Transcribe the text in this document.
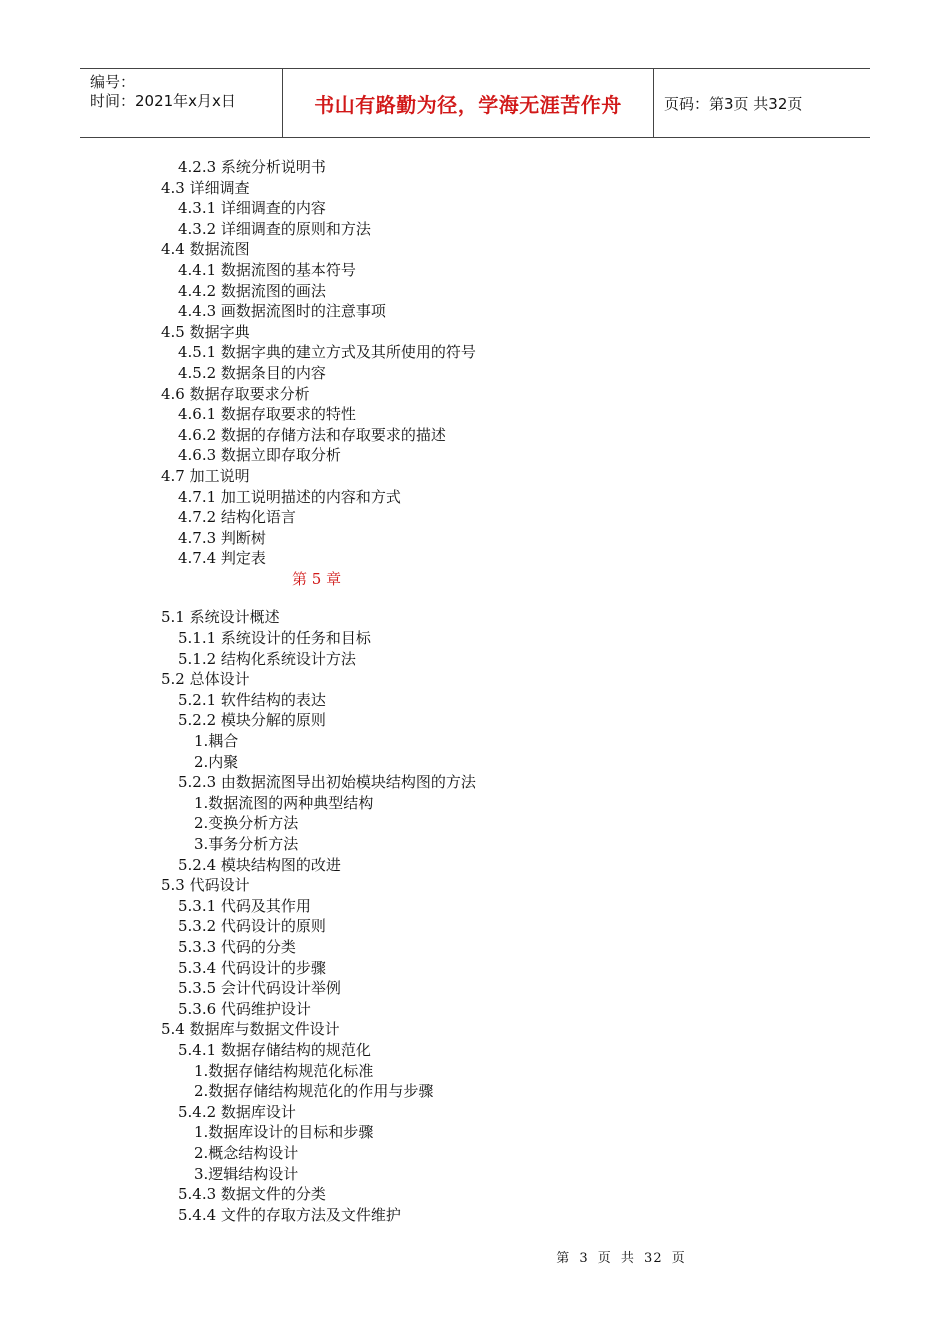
编号：
时间：2021年x月x日	书山有路勤为径，学海无涯苦作舟	页码：第3页 共32页
4.2.3 系统分析说明书
4.3 详细调查
4.3.1 详细调查的内容
4.3.2 详细调查的原则和方法
4.4 数据流图
4.4.1 数据流图的基本符号
4.4.2 数据流图的画法
4.4.3 画数据流图时的注意事项
4.5 数据字典
4.5.1 数据字典的建立方式及其所使用的符号
4.5.2 数据条目的内容
4.6 数据存取要求分析
4.6.1 数据存取要求的特性
4.6.2 数据的存储方法和存取要求的描述
4.6.3 数据立即存取分析
4.7 加工说明
4.7.1 加工说明描述的内容和方式
4.7.2 结构化语言
4.7.3 判断树
4.7.4 判定表
第 5 章
5.1 系统设计概述
5.1.1 系统设计的任务和目标
5.1.2 结构化系统设计方法
5.2 总体设计
5.2.1 软件结构的表达
5.2.2 模块分解的原则
1.耦合
2.内聚
5.2.3 由数据流图导出初始模块结构图的方法
1.数据流图的两种典型结构
2.变换分析方法
3.事务分析方法
5.2.4 模块结构图的改进
5.3 代码设计
5.3.1 代码及其作用
5.3.2 代码设计的原则
5.3.3 代码的分类
5.3.4 代码设计的步骤
5.3.5 会计代码设计举例
5.3.6 代码维护设计
5.4 数据库与数据文件设计
5.4.1 数据存储结构的规范化
1.数据存储结构规范化标准
2.数据存储结构规范化的作用与步骤
5.4.2 数据库设计
1.数据库设计的目标和步骤
2.概念结构设计
3.逻辑结构设计
5.4.3 数据文件的分类
5.4.4 文件的存取方法及文件维护
第 3 页 共 32 页
